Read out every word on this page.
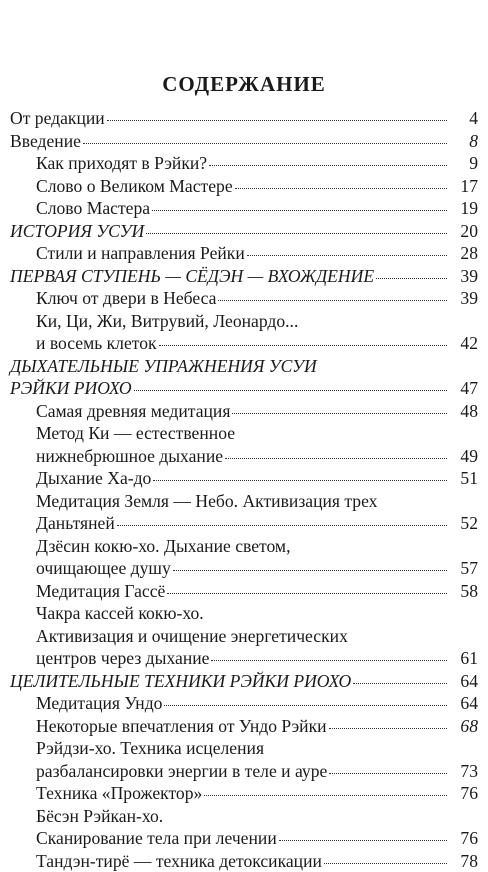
СОДЕРЖАНИЕ
От редакции	4
Введение	8
Как приходят в Рэйки?	9
Слово о Великом Мастере	17
Слово Мастера	19
ИСТОРИЯ УСУИ	20
Стили и направления Рейки	28
ПЕРВАЯ СТУПЕНЬ — СЁДЭН — ВХОЖДЕНИЕ	39
Ключ от двери в Небеса	39
Ки, Ци, Жи, Витрувий, Леонардо...
и восемь клеток	42
ДЫХАТЕЛЬНЫЕ УПРАЖНЕНИЯ УСУИ
РЭЙКИ РИОХО	47
Самая древняя медитация	48
Метод Ки — естественное
нижнебрюшное дыхание	49
Дыхание Ха-до	51
Медитация Земля — Небо. Активизация трех
Даньтяней	52
Дзёсин кокю-хо. Дыхание светом,
очищающее душу	57
Медитация Гассё	58
Чакра кассей кокю-хо.
Активизация и очищение энергетических
центров через дыхание	61
ЦЕЛИТЕЛЬНЫЕ ТЕХНИКИ РЭЙКИ РИОХО	64
Медитация Ундо	64
Некоторые впечатления от Ундо Рэйки	68
Рэйдзи-хо. Техника исцеления
разбалансировки энергии в теле и ауре	73
Техника «Прожектор»	76
Бёсэн Рэйкан-хо.
Сканирование тела при лечении	76
Тандэн-тирё — техника детоксикации	78
